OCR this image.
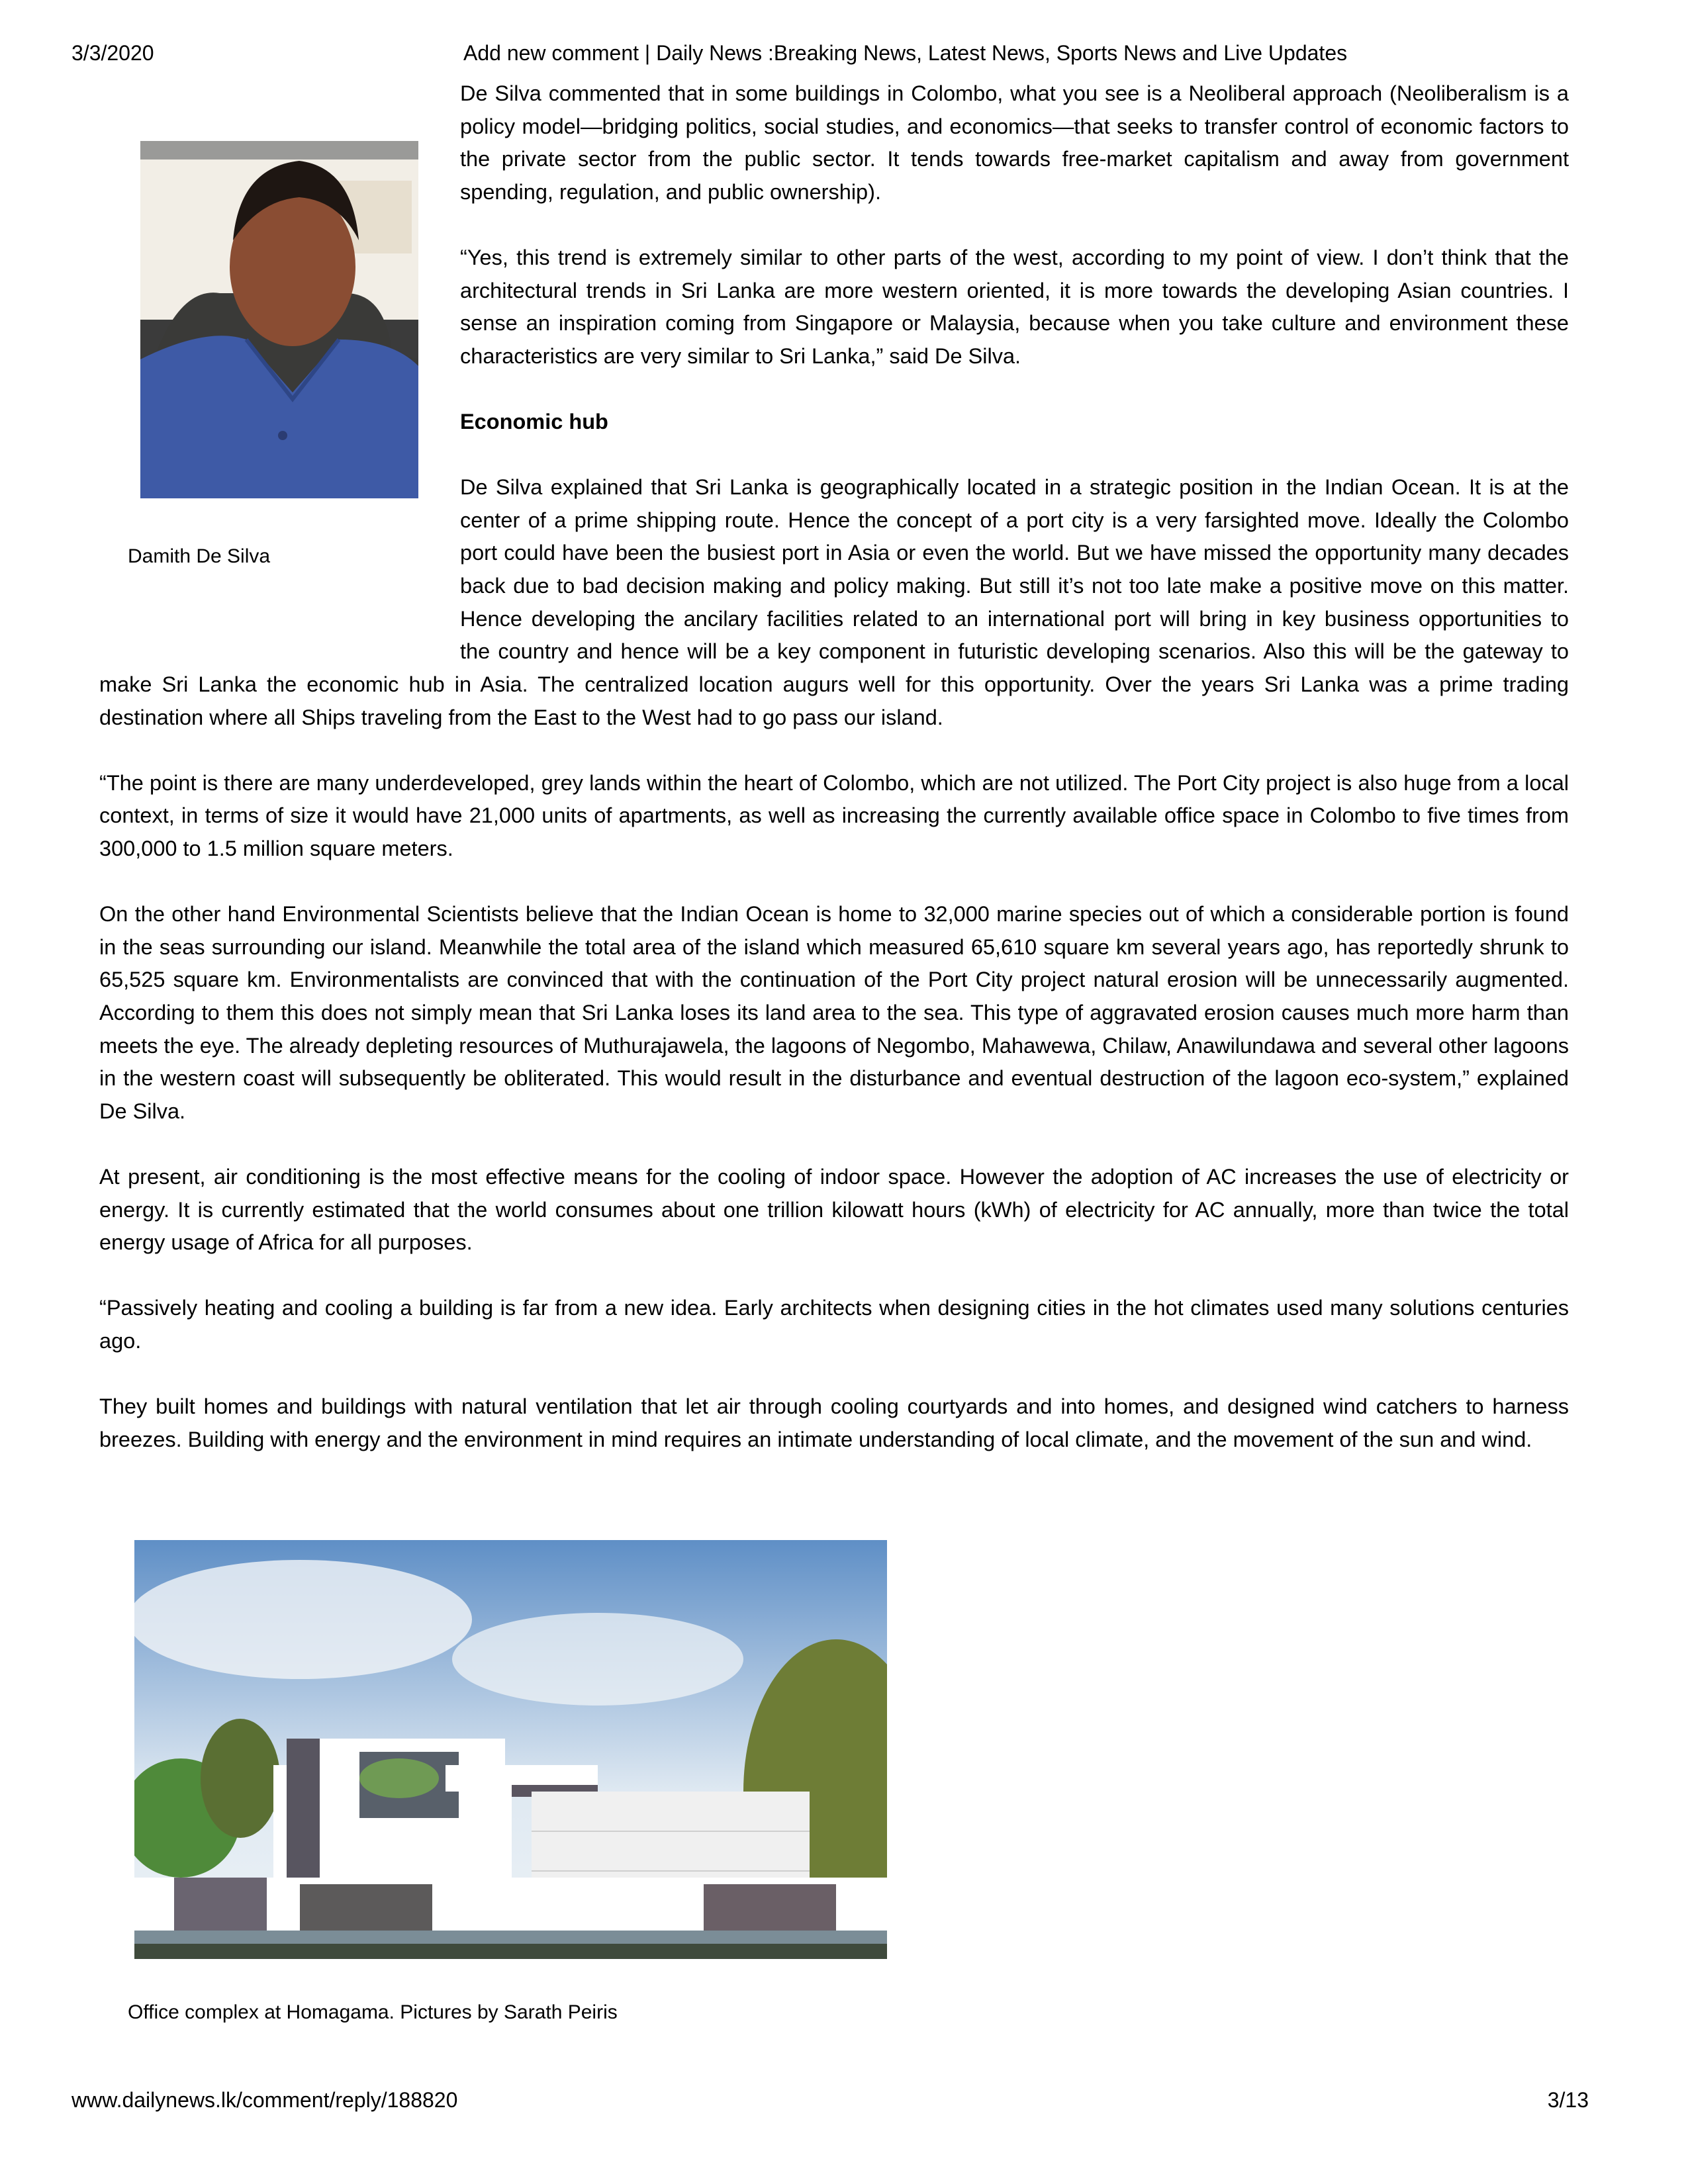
3/3/2020	Add new comment | Daily News :Breaking News, Latest News, Sports News and Live Updates
Damith De Silva

De Silva commented that in some buildings in Colombo, what you see is a Neoliberal approach (Neoliberalism is a policy model—bridging politics, social studies, and economics—that seeks to transfer control of economic factors to the private sector from the public sector. It tends towards free-market capitalism and away from government spending, regulation, and public ownership).

“Yes, this trend is extremely similar to other parts of the west, according to my point of view. I don’t think that the architectural trends in Sri Lanka are more western oriented, it is more towards the developing Asian countries. I sense an inspiration coming from Singapore or Malaysia, because when you take culture and environment these characteristics are very similar to Sri Lanka,” said De Silva.

Economic hub

De Silva explained that Sri Lanka is geographically located in a strategic position in the Indian Ocean. It is at the
center of a prime shipping route. Hence the concept of a port city is a very farsighted move. Ideally the Colombo
port could have been the busiest port in Asia or even the world. But we have missed the opportunity many decades
back due to bad decision making and policy making. But still it’s not too late make a positive move on this matter.
Hence developing the ancilary facilities related to an international port will bring in key business opportunities to
the country and hence will be a key component in futuristic developing scenarios. Also this will be the gateway to

make Sri Lanka the economic hub in Asia. The centralized location augurs well for this opportunity. Over the years Sri Lanka was a prime trading destination where all Ships traveling from the East to the West had to go pass our island.

“The point is there are many underdeveloped, grey lands within the heart of Colombo, which are not utilized. The Port City project is also huge from a local context, in terms of size it would have 21,000 units of apartments, as well as increasing the currently available office space in Colombo to five times from 300,000 to 1.5 million square meters.

On the other hand Environmental Scientists believe that the Indian Ocean is home to 32,000 marine species out of which a considerable portion is found in the seas surrounding our island. Meanwhile the total area of the island which measured 65,610 square km several years ago, has reportedly shrunk to 65,525 square km. Environmentalists are convinced that with the continuation of the Port City project natural erosion will be unnecessarily augmented. According to them this does not simply mean that Sri Lanka loses its land area to the sea. This type of aggravated erosion causes much more harm than meets the eye. The already depleting resources of Muthurajawela, the lagoons of Negombo, Mahawewa, Chilaw, Anawilundawa and several other lagoons in the western coast will subsequently be obliterated. This would result in the disturbance and eventual destruction of the lagoon eco-system,” explained De Silva.

At present, air conditioning is the most effective means for the cooling of indoor space. However the adoption of AC increases the use of electricity or energy. It is currently estimated that the world consumes about one trillion kilowatt hours (kWh) of electricity for AC annually, more than twice the total energy usage of Africa for all purposes.

“Passively heating and cooling a building is far from a new idea. Early architects when designing cities in the hot climates used many solutions centuries ago.

They built homes and buildings with natural ventilation that let air through cooling courtyards and into homes, and designed wind catchers to harness breezes. Building with energy and the environment in mind requires an intimate understanding of local climate, and the movement of the sun and wind.

Office complex at Homagama. Pictures by Sarath Peiris
www.dailynews.lk/comment/reply/188820	3/13
